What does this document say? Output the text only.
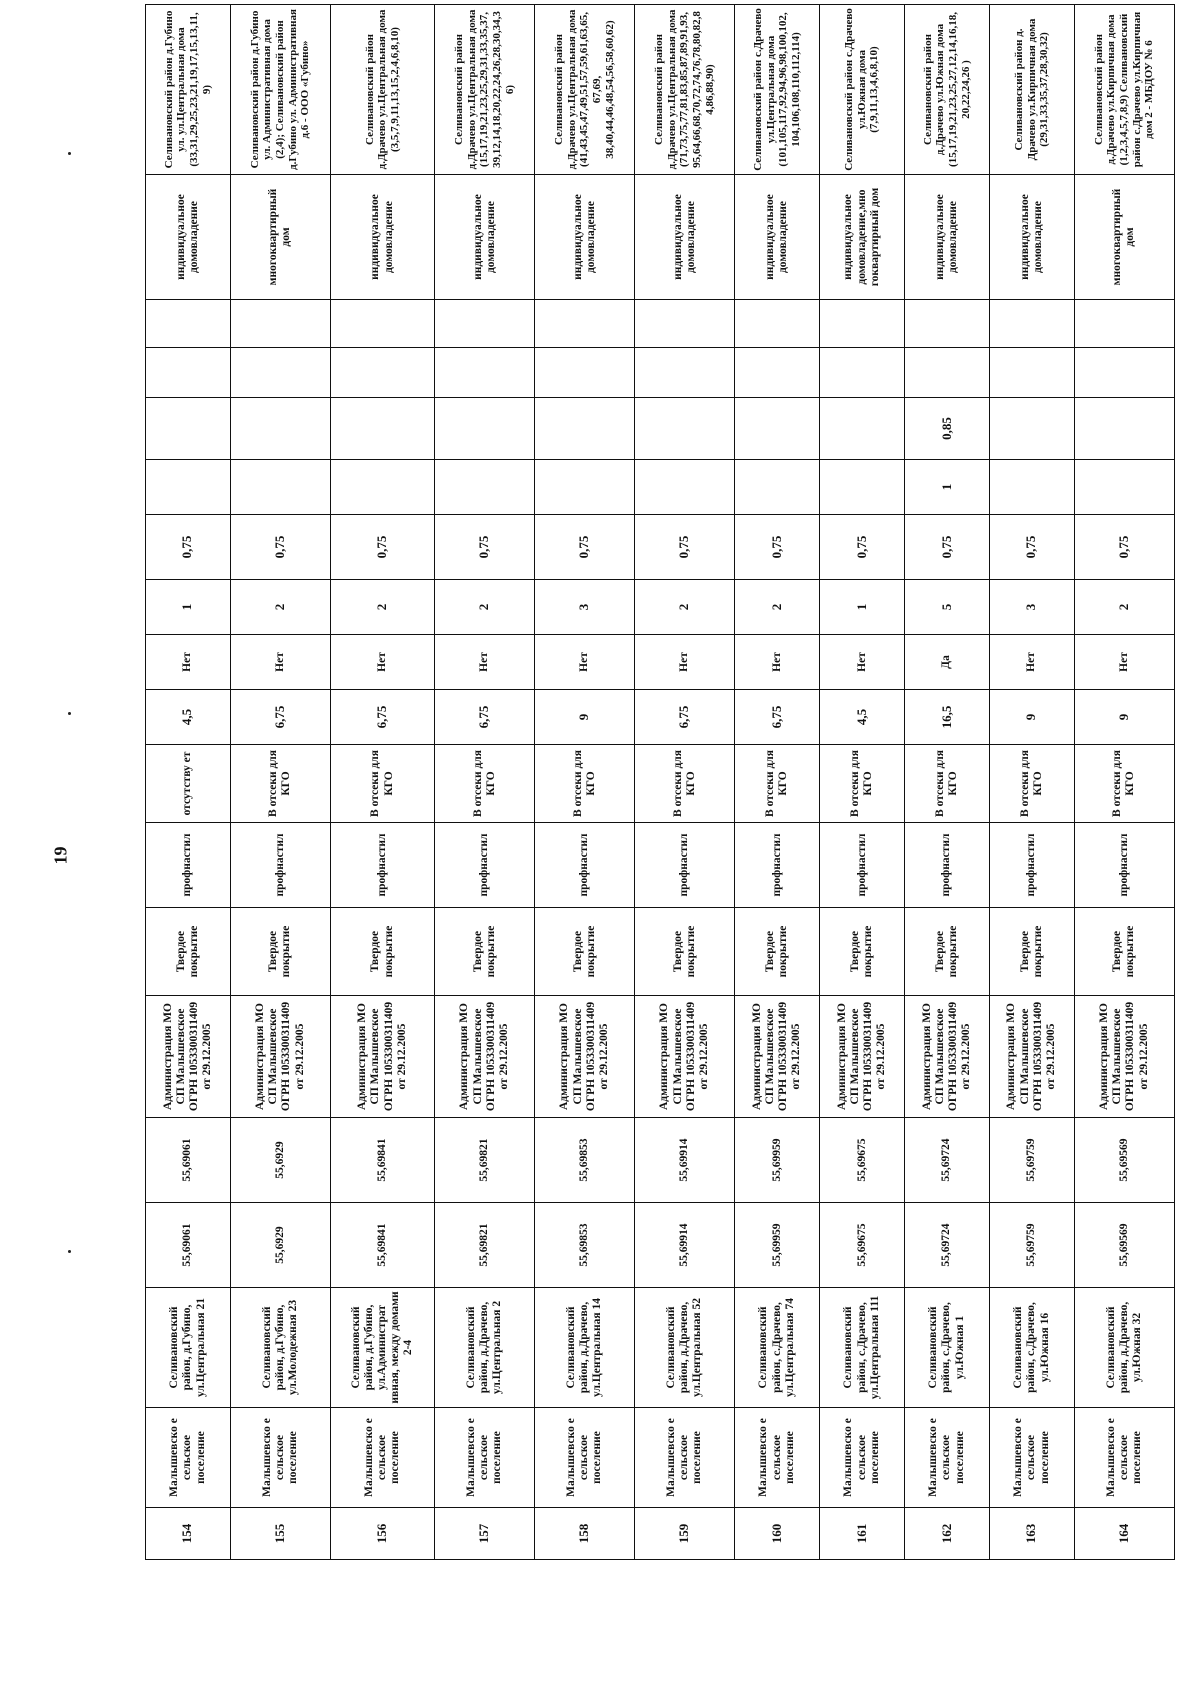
19
154	Малышевско е сельское поселение	Селивановский район, д.Губино, ул.Центральная 21	55,69061	55,69061	Администрация МО СП Малышевское ОГРН 1053300311409 от 29.12.2005	Твердое покрытие	профнастил	отсутству ет	4,5	Нет	1	0,75					индивидуальное домовладение	Селивановский район д.Губино ул. ул.Центральная дома (33,31,29,25,23,21,19,17,15,13,11, 9)
155	Малышевско е сельское поселение	Селивановский район, д.Губино, ул.Молодежная 23	55,6929	55,6929	Администрация МО СП Малышевское ОГРН 1053300311409 от 29.12.2005	Твердое покрытие	профнастил	В отсеки для КГО	6,75	Нет	2	0,75					многоквартирный дом	Селивановский район д.Губино ул. Административная дома (2,4); Селивановский район д.Губино ул. Административная д.6 - ООО «Губино»
156	Малышевско е сельское поселение	Селивановский район, д.Губино, ул.Администрат ивная, между домами 2-4	55,69841	55,69841	Администрация МО СП Малышевское ОГРН 1053300311409 от 29.12.2005	Твердое покрытие	профнастил	В отсеки для КГО	6,75	Нет	2	0,75					индивидуальное домовладение	Селивановский район д.Драчево ул.Центральная дома (3,5,7,9,11,13,15,2,4,6,8,10)
157	Малышевско е сельское поселение	Селивановский район, д.Драчево, ул.Центральная 2	55,69821	55,69821	Администрация МО СП Малышевское ОГРН 1053300311409 от 29.12.2005	Твердое покрытие	профнастил	В отсеки для КГО	6,75	Нет	2	0,75					индивидуальное домовладение	Селивановский район д.Драчево ул.Центральная дома (15,17,19,21,23,25,29,31,33,35,37, 39,12,14,18,20,22,24,26,28,30,34,3 6)
158	Малышевско е сельское поселение	Селивановский район, д.Драчево, ул.Центральная 14	55,69853	55,69853	Администрация МО СП Малышевское ОГРН 1053300311409 от 29.12.2005	Твердое покрытие	профнастил	В отсеки для КГО	9	Нет	3	0,75					индивидуальное домовладение	Селивановский район д.Драчево ул.Центральная дома (41,43,45,47,49,51,57,59,61,63,65, 67,69, 38,40,44,46,48,54,56,58,60,62)
159	Малышевско е сельское поселение	Селивановский район, д.Драчево, ул.Центральная 52	55,69914	55,69914	Администрация МО СП Малышевское ОГРН 1053300311409 от 29.12.2005	Твердое покрытие	профнастил	В отсеки для КГО	6,75	Нет	2	0,75					индивидуальное домовладение	Селивановский район д.Драчево ул.Центральная дома (71,73,75,77,81,83,85,87,89,91,93, 95,64,66,68,70,72,74,76,78,80,82,8 4,86,88,90)
160	Малышевско е сельское поселение	Селивановский район, с.Драчево, ул.Центральная 74	55,69959	55,69959	Администрация МО СП Малышевское ОГРН 1053300311409 от 29.12.2005	Твердое покрытие	профнастил	В отсеки для КГО	6,75	Нет	2	0,75					индивидуальное домовладение	Селивановский район с.Драчево ул.Центральная дома (101,105,117,92,94,96,98,100,102, 104,106,108,110,112,114)
161	Малышевско е сельское поселение	Селивановский район, с.Драчево, ул.Центральная 111	55,69675	55,69675	Администрация МО СП Малышевское ОГРН 1053300311409 от 29.12.2005	Твердое покрытие	профнастил	В отсеки для КГО	4,5	Нет	1	0,75					индивидуальное домовладение,мно гоквартирный дом	Селивановский район с.Драчево ул.Южная дома (7,9,11,13,4,6,8,10)
162	Малышевско е сельское поселение	Селивановский район, с.Драчево, ул.Южная 1	55,69724	55,69724	Администрация МО СП Малышевское ОГРН 1053300311409 от 29.12.2005	Твердое покрытие	профнастил	В отсеки для КГО	16,5	Да	5	0,75	1	0,85			индивидуальное домовладение	Селивановский район д.Драчево ул.Южная дома (15,17,19,21,23,25,27,12,14,16,18, 20,22,24,26 )
163	Малышевско е сельское поселение	Селивановский район, с.Драчево, ул.Южная 16	55,69759	55,69759	Администрация МО СП Малышевское ОГРН 1053300311409 от 29.12.2005	Твердое покрытие	профнастил	В отсеки для КГО	9	Нет	3	0,75					индивидуальное домовладение	Селивановский район д. Драчево ул.Кирпичная дома (29,31,33,35,37,28,30,32)
164	Малышевско е сельское поселение	Селивановский район, д.Драчево, ул.Южная 32	55,69569	55,69569	Администрация МО СП Малышевское ОГРН 1053300311409 от 29.12.2005	Твердое покрытие	профнастил	В отсеки для КГО	9	Нет	2	0,75					многоквартирный дом	Селивановский район д.Драчево ул.Кирпичная дома (1,2,3,4,5,7,8,9) Селивановский район с.Драчево ул.Кирпичная дом 2 - МБДОУ № 6
